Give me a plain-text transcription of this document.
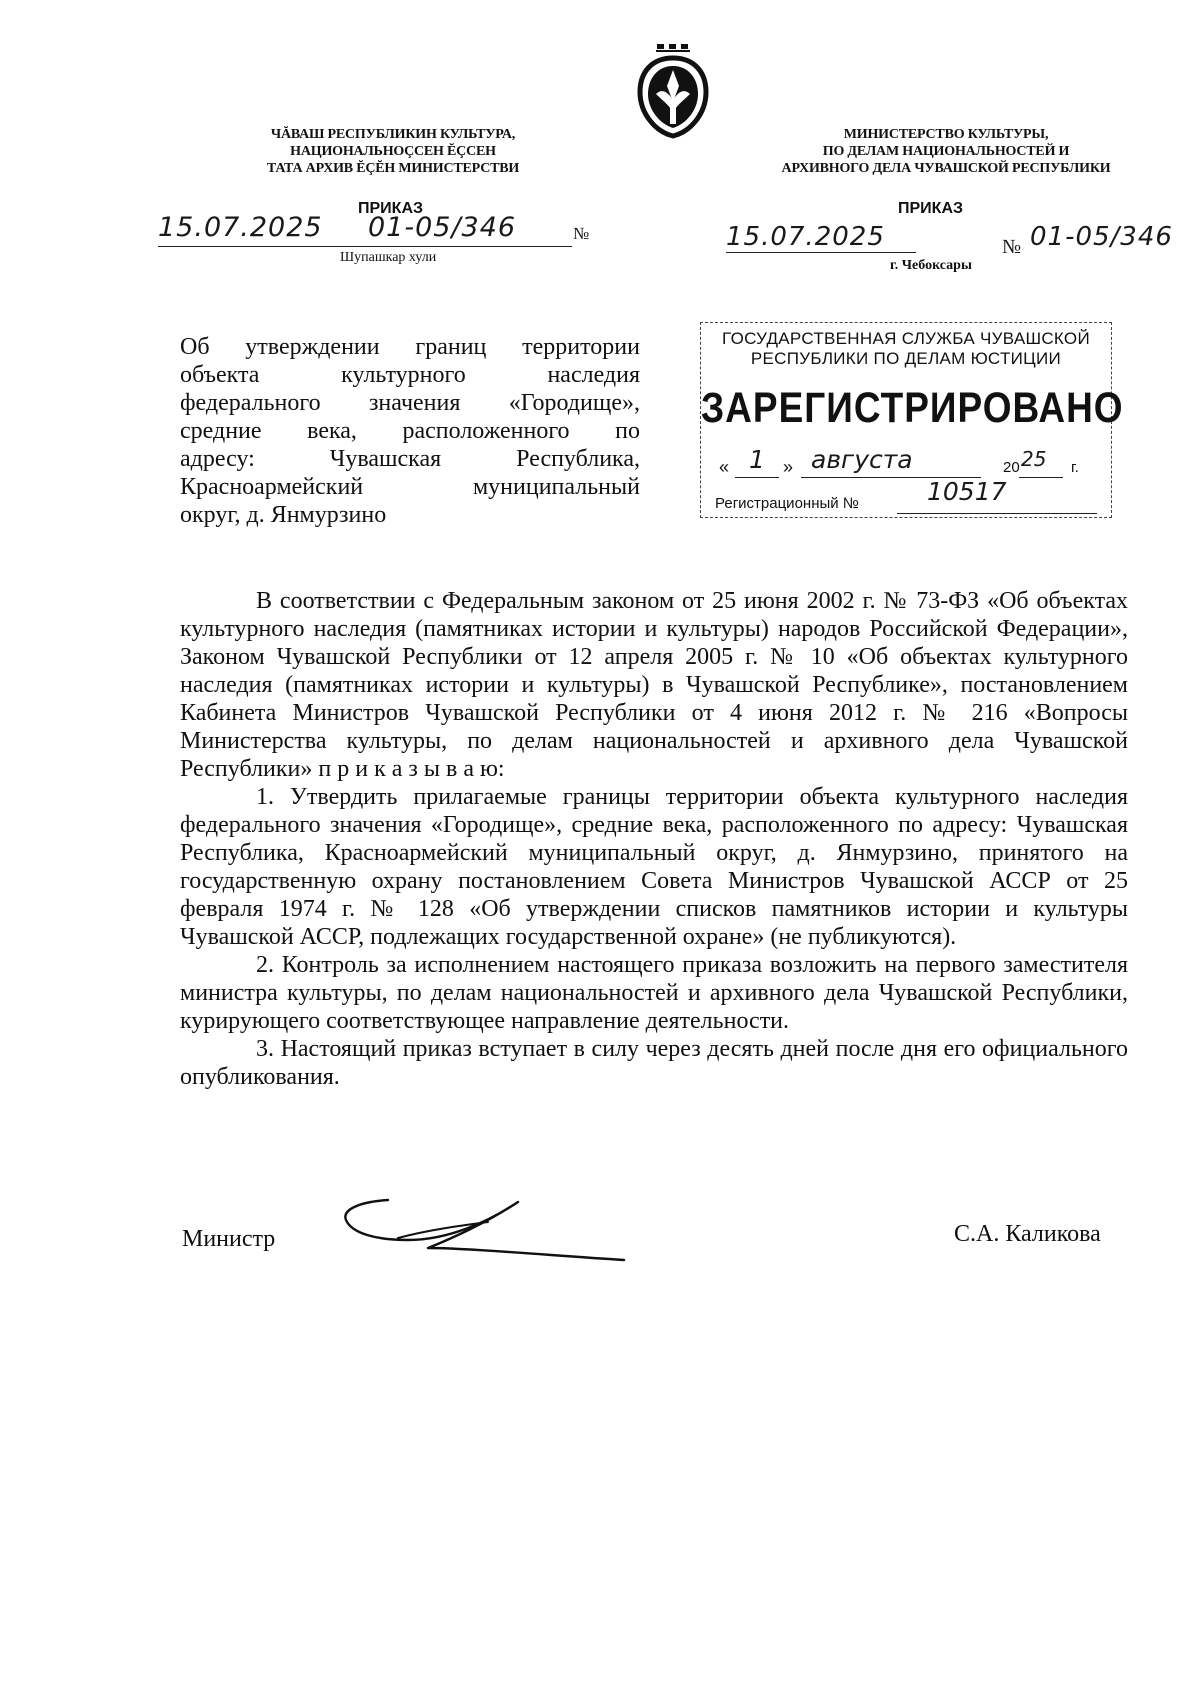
ЧĂВАШ РЕСПУБЛИКИН КУЛЬТУРА,
НАЦИОНАЛЬНОÇСЕН ĔÇСЕН
ТАТА АРХИВ ĔÇĔН МИНИСТЕРСТВИ
МИНИСТЕРСТВО КУЛЬТУРЫ,
ПО ДЕЛАМ НАЦИОНАЛЬНОСТЕЙ И
АРХИВНОГО ДЕЛА ЧУВАШСКОЙ РЕСПУБЛИКИ
ПРИКАЗ
15.07.2025 01-05/346	№
Шупашкар хули
ПРИКАЗ
15.07.2025	№ 01-05/346
г. Чебоксары
Об утверждении границ территории
объекта культурного наследия
федерального значения «Городище»,
средние века, расположенного по
адресу: Чувашская Республика,
Красноармейский муниципальный
округ, д. Янмурзино
ГОСУДАРСТВЕННАЯ СЛУЖБА ЧУВАШСКОЙ
РЕСПУБЛИКИ ПО ДЕЛАМ ЮСТИЦИИ
ЗАРЕГИСТРИРОВАНО
« 1 » августа	20 25 г.
Регистрационный №	10517

В соответствии с Федеральным законом от 25 июня 2002 г. № 73-ФЗ «Об объектах культурного наследия (памятниках истории и культуры) народов Российской Федерации», Законом Чувашской Республики от 12 апреля 2005 г. № 10 «Об объектах культурного наследия (памятниках истории и культуры) в Чувашской Республике», постановлением Кабинета Министров Чувашской Республики от 4 июня 2012 г. № 216 «Вопросы Министерства культуры, по делам национальностей и архивного дела Чувашской Республики» п р и к а з ы в а ю:

1. Утвердить прилагаемые границы территории объекта культурного наследия федерального значения «Городище», средние века, расположенного по адресу: Чувашская Республика, Красноармейский муниципальный округ, д. Янмурзино, принятого на государственную охрану постановлением Совета Министров Чувашской АССР от 25 февраля 1974 г. № 128 «Об утверждении списков памятников истории и культуры Чувашской АССР, подлежащих государственной охране» (не публикуются).

2. Контроль за исполнением настоящего приказа возложить на первого заместителя министра культуры, по делам национальностей и архивного дела Чувашской Республики, курирующего соответствующее направление деятельности.

3. Настоящий приказ вступает в силу через десять дней после дня его официального опубликования.

Министр	С.А. Каликова
